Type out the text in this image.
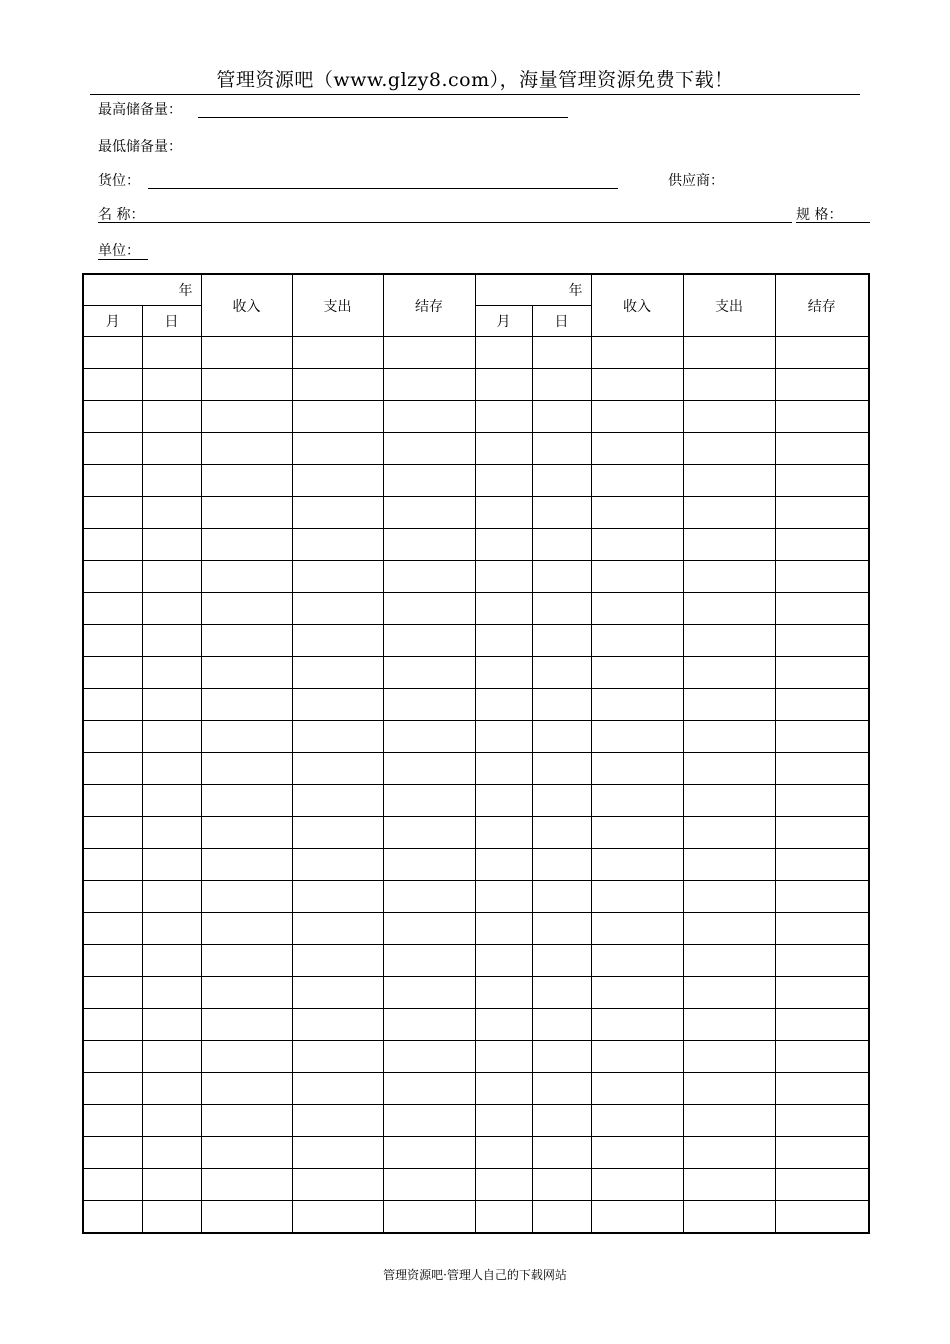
管理资源吧（www.glzy8.com），海量管理资源免费下载！
最高储备量：
最低储备量：
货位：	供应商：
名 称：	规 格：
单位：
年		收入	支出	结存	年		收入	支出	结存
月	日				月	日			

管理资源吧·管理人自己的下载网站
